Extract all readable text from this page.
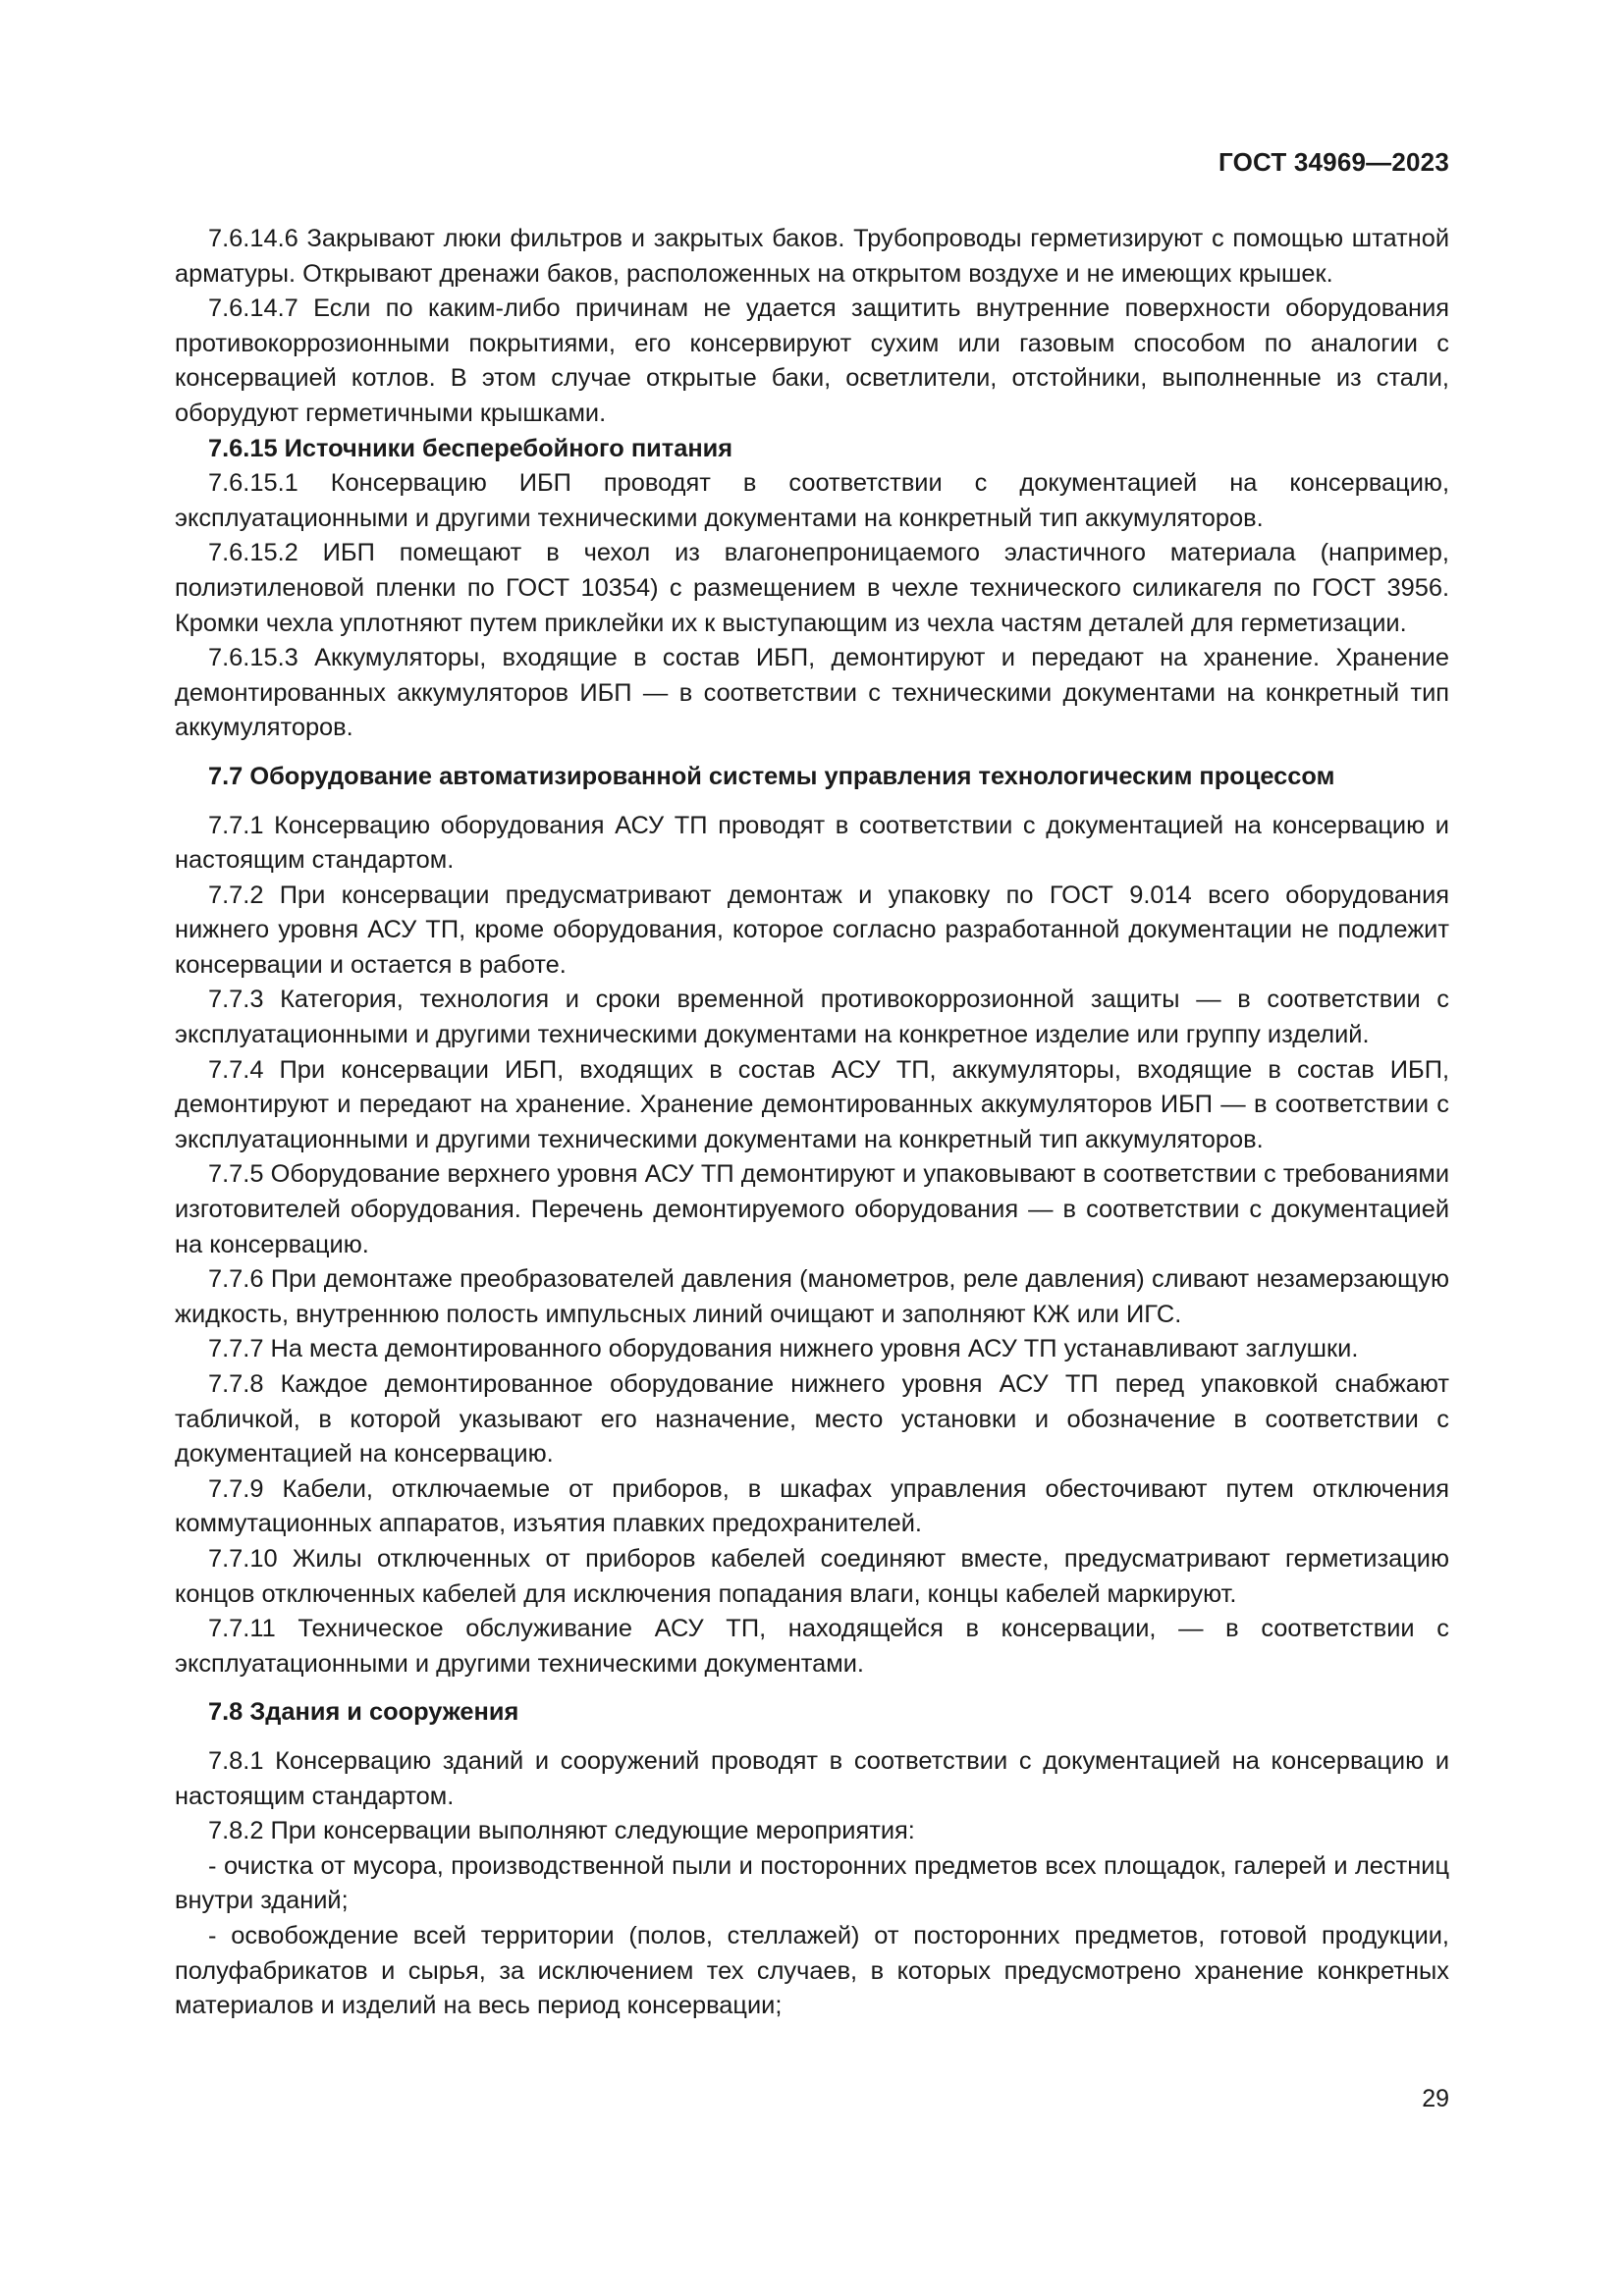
ГОСТ 34969—2023

7.6.14.6 Закрывают люки фильтров и закрытых баков. Трубопроводы герметизируют с помощью штатной арматуры. Открывают дренажи баков, расположенных на открытом воздухе и не имеющих крышек.

7.6.14.7 Если по каким-либо причинам не удается защитить внутренние поверхности оборудования противокоррозионными покрытиями, его консервируют сухим или газовым способом по аналогии с консервацией котлов. В этом случае открытые баки, осветлители, отстойники, выполненные из стали, оборудуют герметичными крышками.

7.6.15 Источники бесперебойного питания

7.6.15.1 Консервацию ИБП проводят в соответствии с документацией на консервацию, эксплуатационными и другими техническими документами на конкретный тип аккумуляторов.

7.6.15.2 ИБП помещают в чехол из влагонепроницаемого эластичного материала (например, полиэтиленовой пленки по ГОСТ 10354) с размещением в чехле технического силикагеля по ГОСТ 3956. Кромки чехла уплотняют путем приклейки их к выступающим из чехла частям деталей для герметизации.

7.6.15.3 Аккумуляторы, входящие в состав ИБП, демонтируют и передают на хранение. Хранение демонтированных аккумуляторов ИБП — в соответствии с техническими документами на конкретный тип аккумуляторов.

7.7 Оборудование автоматизированной системы управления технологическим процессом

7.7.1 Консервацию оборудования АСУ ТП проводят в соответствии с документацией на консервацию и настоящим стандартом.

7.7.2 При консервации предусматривают демонтаж и упаковку по ГОСТ 9.014 всего оборудования нижнего уровня АСУ ТП, кроме оборудования, которое согласно разработанной документации не подлежит консервации и остается в работе.

7.7.3 Категория, технология и сроки временной противокоррозионной защиты — в соответствии с эксплуатационными и другими техническими документами на конкретное изделие или группу изделий.

7.7.4 При консервации ИБП, входящих в состав АСУ ТП, аккумуляторы, входящие в состав ИБП, демонтируют и передают на хранение. Хранение демонтированных аккумуляторов ИБП — в соответствии с эксплуатационными и другими техническими документами на конкретный тип аккумуляторов.

7.7.5 Оборудование верхнего уровня АСУ ТП демонтируют и упаковывают в соответствии с требованиями изготовителей оборудования. Перечень демонтируемого оборудования — в соответствии с документацией на консервацию.

7.7.6 При демонтаже преобразователей давления (манометров, реле давления) сливают незамерзающую жидкость, внутреннюю полость импульсных линий очищают и заполняют КЖ или ИГС.

7.7.7 На места демонтированного оборудования нижнего уровня АСУ ТП устанавливают заглушки.

7.7.8 Каждое демонтированное оборудование нижнего уровня АСУ ТП перед упаковкой снабжают табличкой, в которой указывают его назначение, место установки и обозначение в соответствии с документацией на консервацию.

7.7.9 Кабели, отключаемые от приборов, в шкафах управления обесточивают путем отключения коммутационных аппаратов, изъятия плавких предохранителей.

7.7.10 Жилы отключенных от приборов кабелей соединяют вместе, предусматривают герметизацию концов отключенных кабелей для исключения попадания влаги, концы кабелей маркируют.

7.7.11 Техническое обслуживание АСУ ТП, находящейся в консервации, — в соответствии с эксплуатационными и другими техническими документами.

7.8 Здания и сооружения

7.8.1 Консервацию зданий и сооружений проводят в соответствии с документацией на консервацию и настоящим стандартом.

7.8.2 При консервации выполняют следующие мероприятия:

- очистка от мусора, производственной пыли и посторонних предметов всех площадок, галерей и лестниц внутри зданий;

- освобождение всей территории (полов, стеллажей) от посторонних предметов, готовой продукции, полуфабрикатов и сырья, за исключением тех случаев, в которых предусмотрено хранение конкретных материалов и изделий на весь период консервации;

29
